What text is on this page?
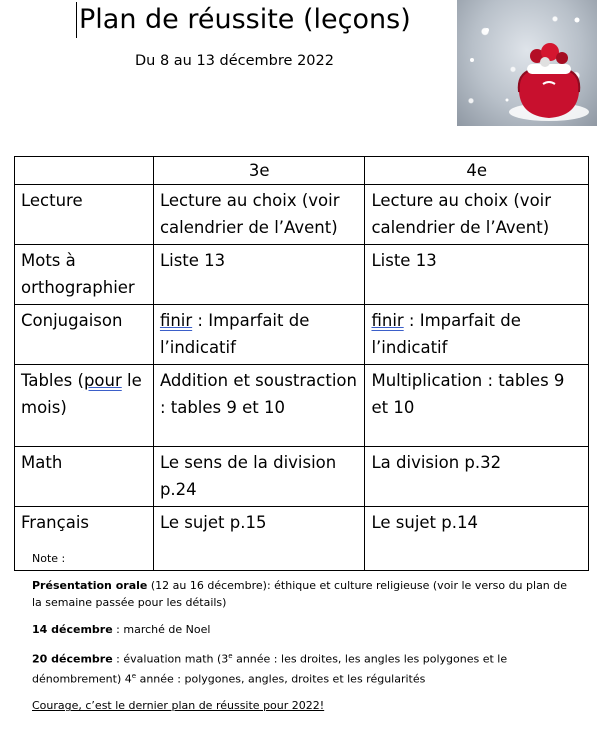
Plan de réussite (leçons)
Du 8 au 13 décembre 2022
	3e	4e
Lecture	Lecture au choix (voir calendrier de l’Avent)	Lecture au choix (voir calendrier de l’Avent)
Mots à orthographier	Liste 13	Liste 13
Conjugaison	finir : Imparfait de l’indicatif	finir : Imparfait de l’indicatif
Tables (pour le mois)	Addition et soustraction : tables 9 et 10	Multiplication : tables 9 et 10
Math	Le sens de la division p.24	La division p.32
Français	Le sujet p.15	Le sujet p.14

Note :

Présentation orale (12 au 16 décembre): éthique et culture religieuse (voir le verso du plan de la semaine passée pour les détails)

14 décembre : marché de Noel

20 décembre : évaluation math (3e année : les droites, les angles les polygones et le dénombrement) 4e année : polygones, angles, droites et les régularités

Courage, c’est le dernier plan de réussite pour 2022!
